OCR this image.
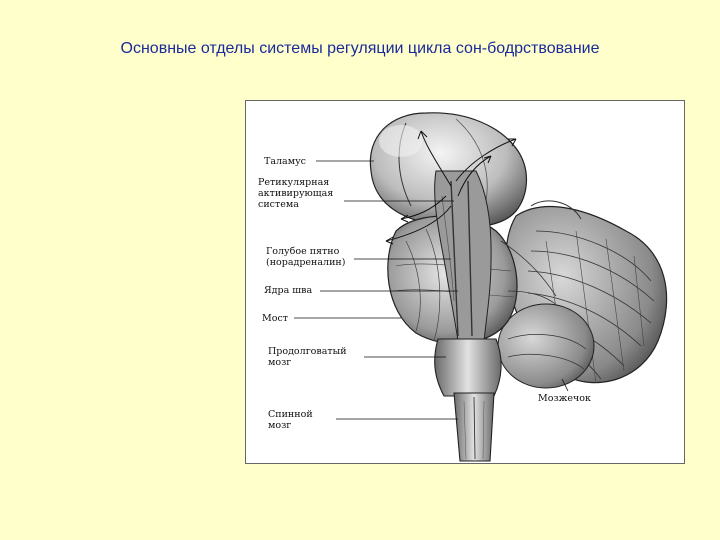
Основные отделы системы регуляции цикла сон-бодрствование
Таламус
Ретикулярная
активирующая
система
Голубое пятно
(норадреналин)
Ядра шва
Мост
Продолговатый
мозг
Мозжечок
Спинной
мозг
